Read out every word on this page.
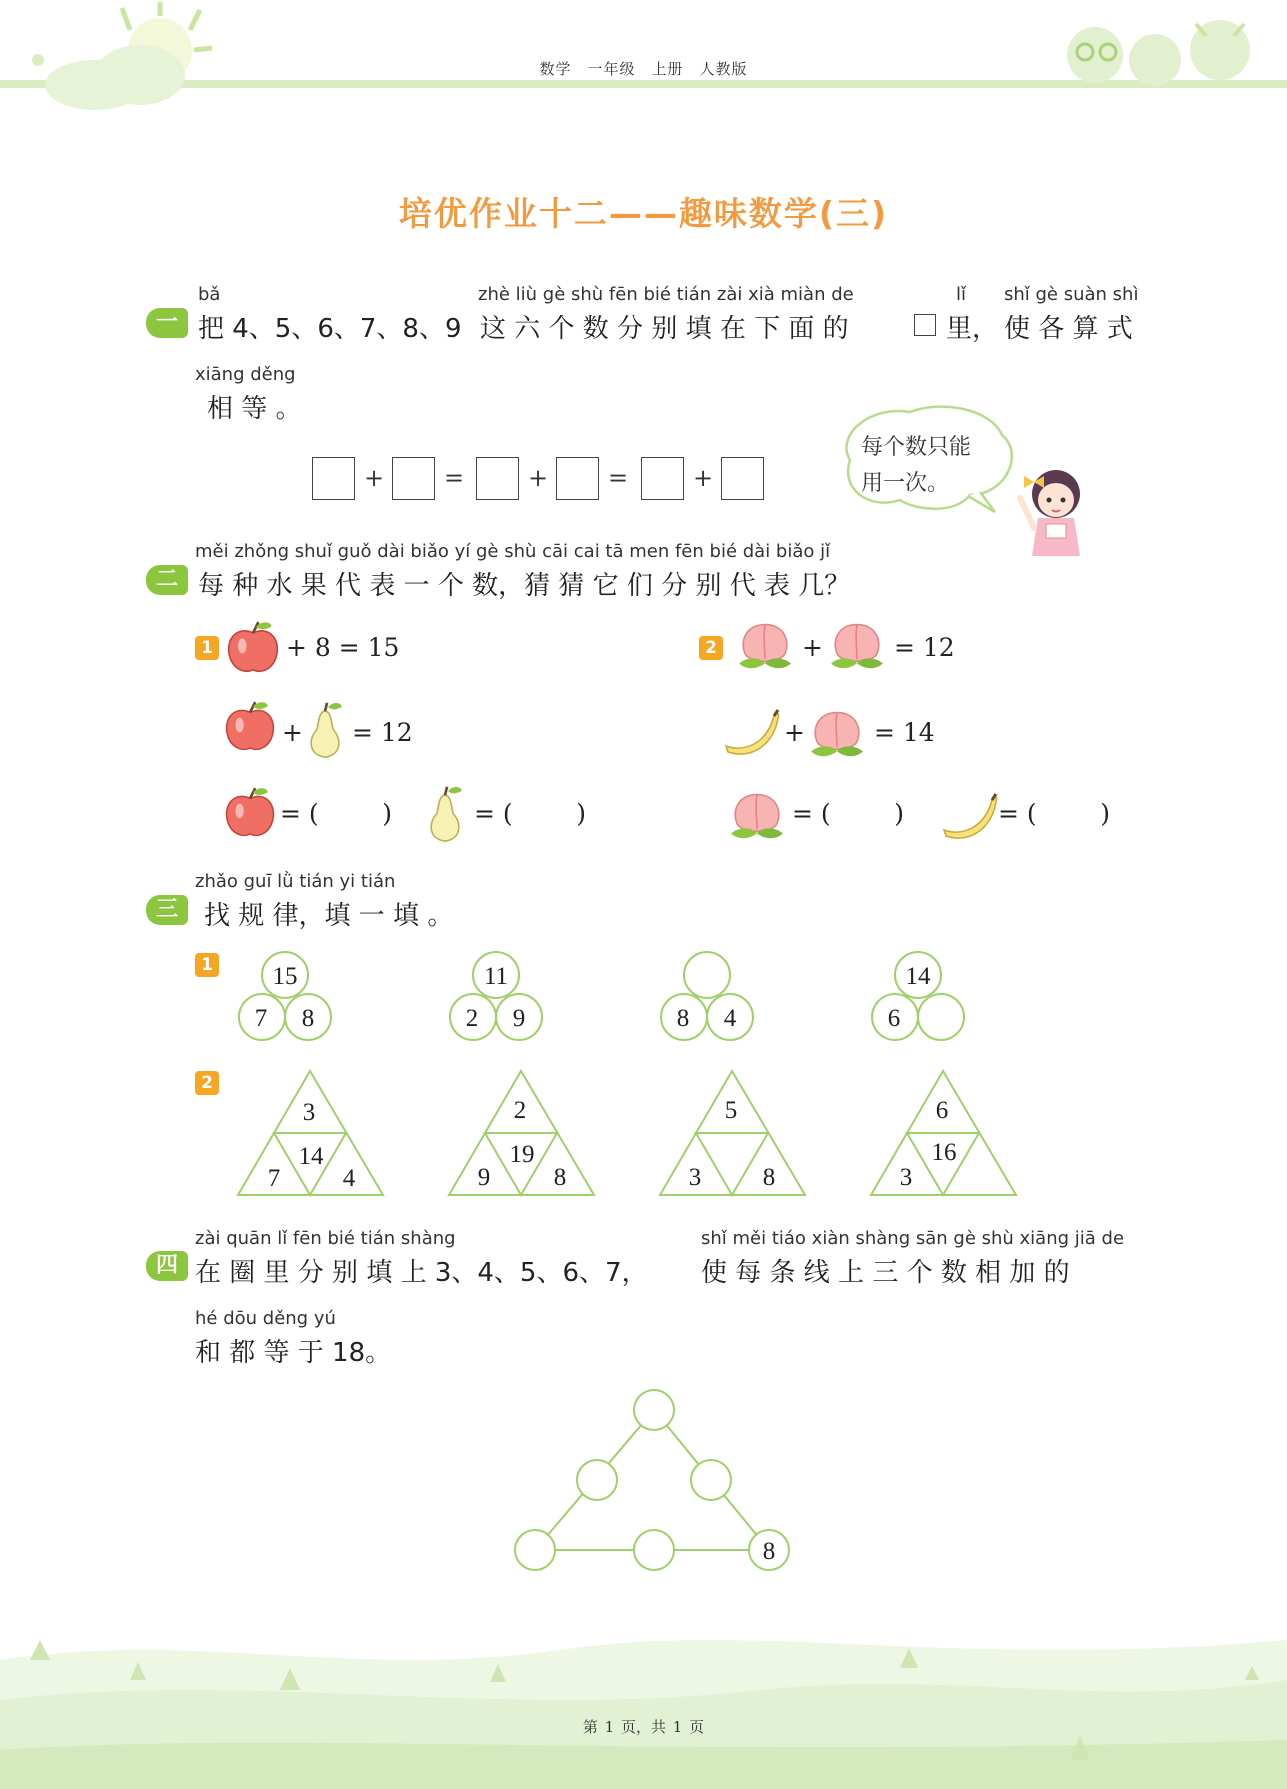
数学　一年级　上册　人教版
培优作业十二——趣味数学(三)
一
bǎ
把 4、5、6、7、8、9
zhè liù gè shù fēn bié tián zài xià miàn de
这 六 个 数 分 别 填 在 下 面 的
lǐ
里，
shǐ gè suàn shì
使 各 算 式
xiāng děng
相 等 。
+ =	+ =	+
每个数只能
用一次。
二
měi zhǒng shuǐ guǒ dài biǎo yí gè shù cāi cai tā men fēn bié dài biǎo jǐ
每 种 水 果 代 表 一 个 数，猜 猜 它 们 分 别 代 表 几？
1	2
+ 8 = 15
+ = 12
= (        )	= (        )
+	= 12
+	= 14
= (        )	= (        )
三
zhǎo guī lǜ tián yi tián
找 规 律，填 一 填 。
1
2
15
7 8
11
2 9	8 4
14
6
3
14
7	4
2
19
9	8
5
3 8
6
16
3
四
zài quān lǐ fēn bié tián shàng
在 圈 里 分 别 填 上 3、4、5、6、7，
shǐ měi tiáo xiàn shàng sān gè shù xiāng jiā de
使 每 条 线 上 三 个 数 相 加 的
hé dōu děng yú
和 都 等 于 18。
8
第 1 页，共 1 页
